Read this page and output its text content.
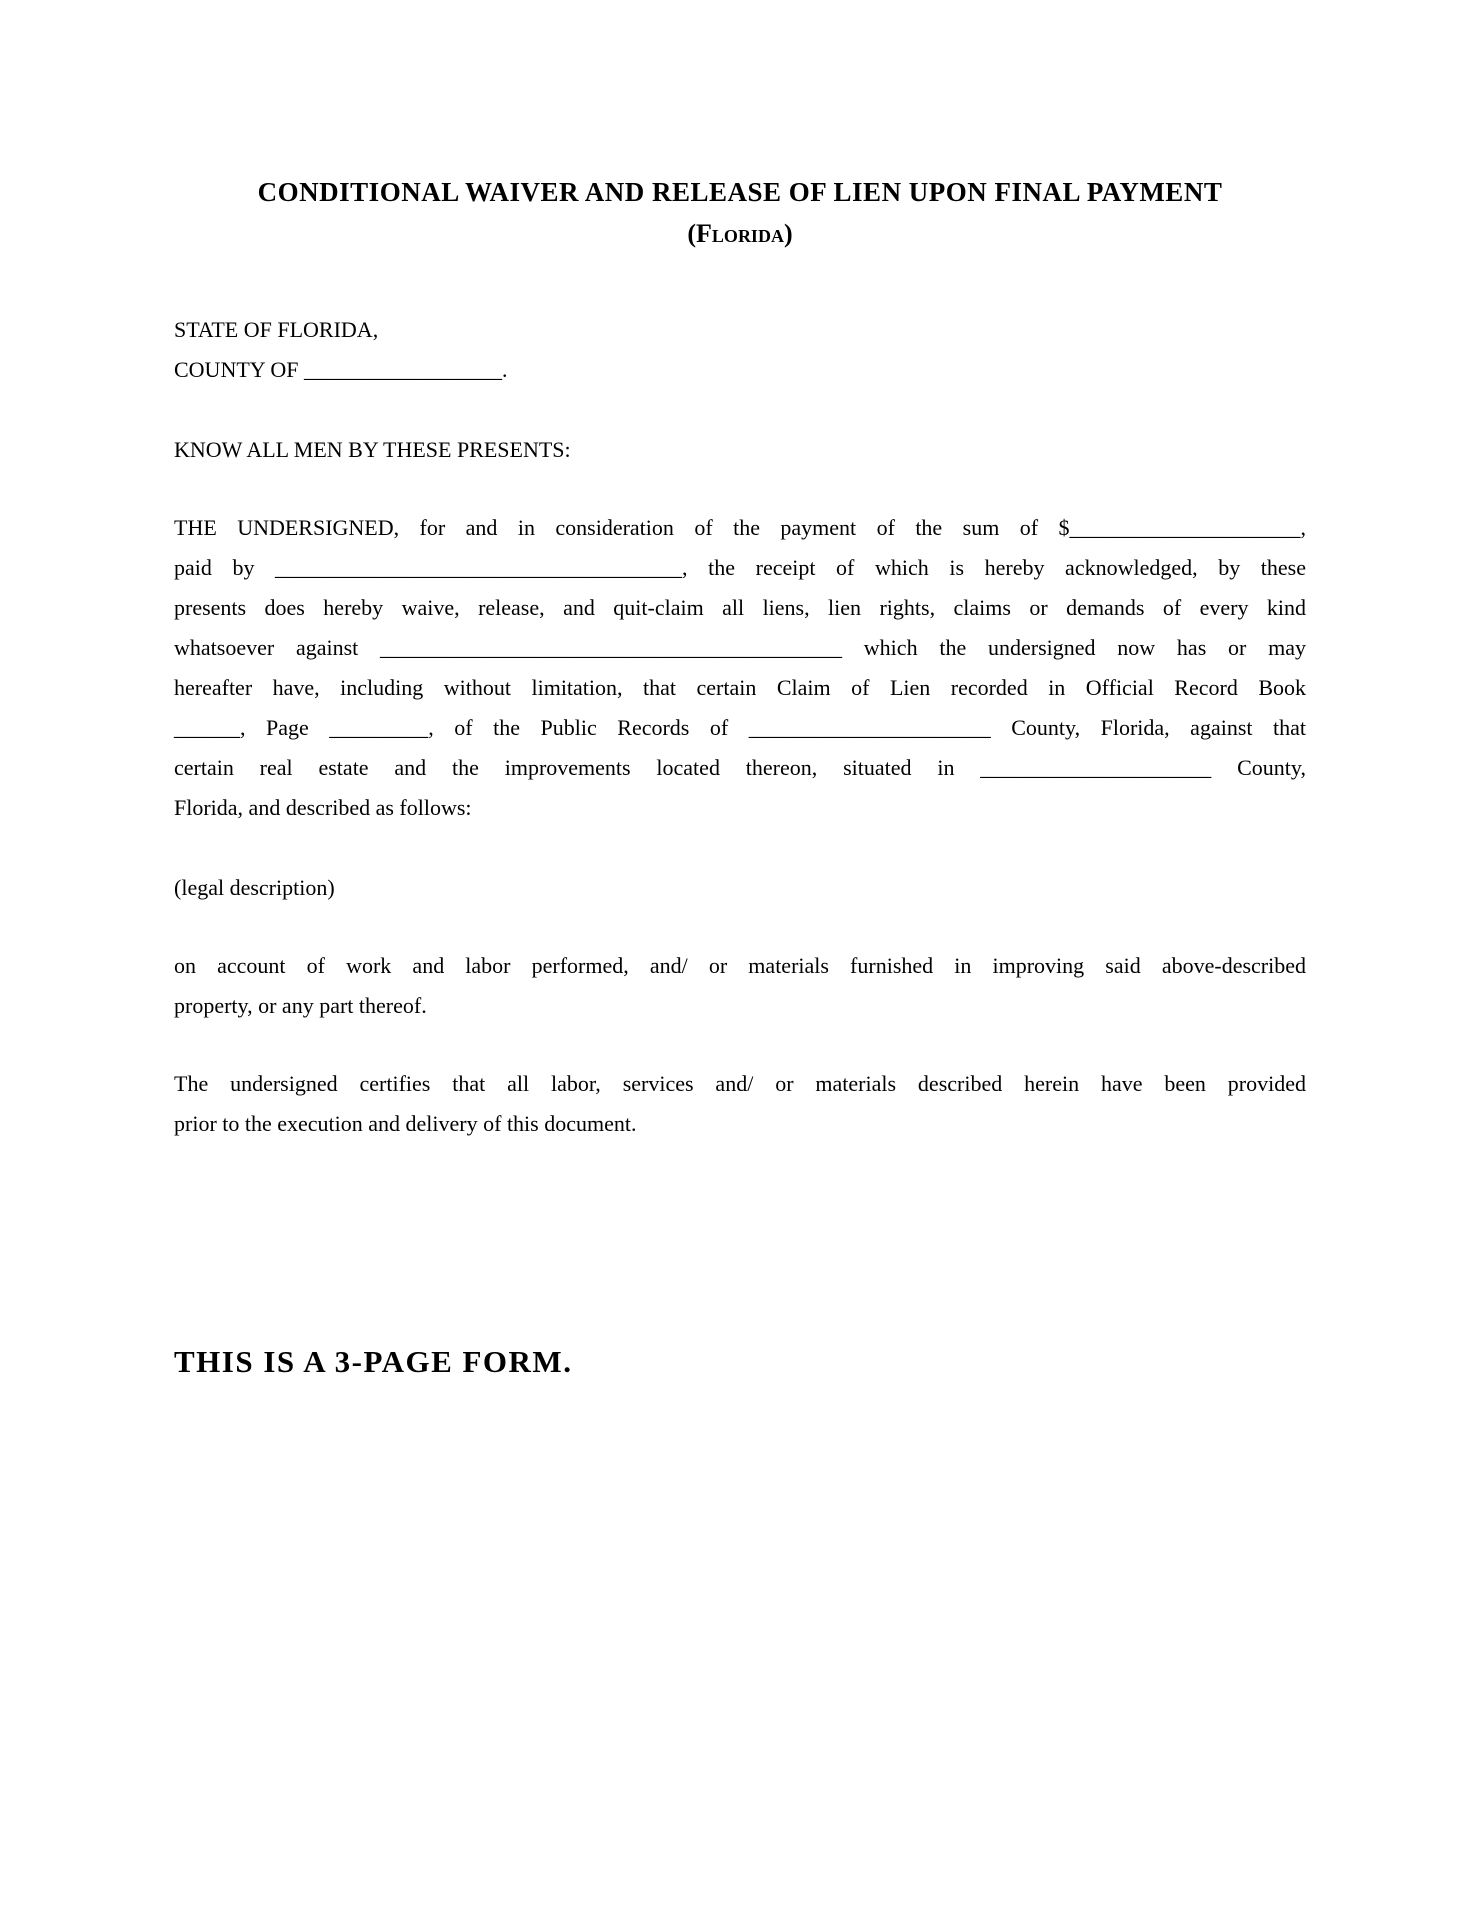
CONDITIONAL WAIVER AND RELEASE OF LIEN UPON FINAL PAYMENT
(Florida)
STATE OF FLORIDA,
COUNTY OF __________________.
KNOW ALL MEN BY THESE PRESENTS:
THE UNDERSIGNED, for and in consideration of the payment of the sum of $_____________________,
paid by _____________________________________, the receipt of which is hereby acknowledged, by these
presents does hereby waive, release, and quit-claim all liens, lien rights, claims or demands of every kind
whatsoever against __________________________________________ which the undersigned now has or may
hereafter have, including without limitation, that certain Claim of Lien recorded in Official Record Book
______, Page _________, of the Public Records of ______________________ County, Florida, against that
certain real estate and the improvements located thereon, situated in _____________________ County,
Florida, and described as follows:
(legal description)
on account of work and labor performed, and/ or materials furnished in improving said above-described
property, or any part thereof.
The undersigned certifies that all labor, services and/ or materials described herein have been provided
prior to the execution and delivery of this document.
THIS IS A 3-PAGE FORM.
